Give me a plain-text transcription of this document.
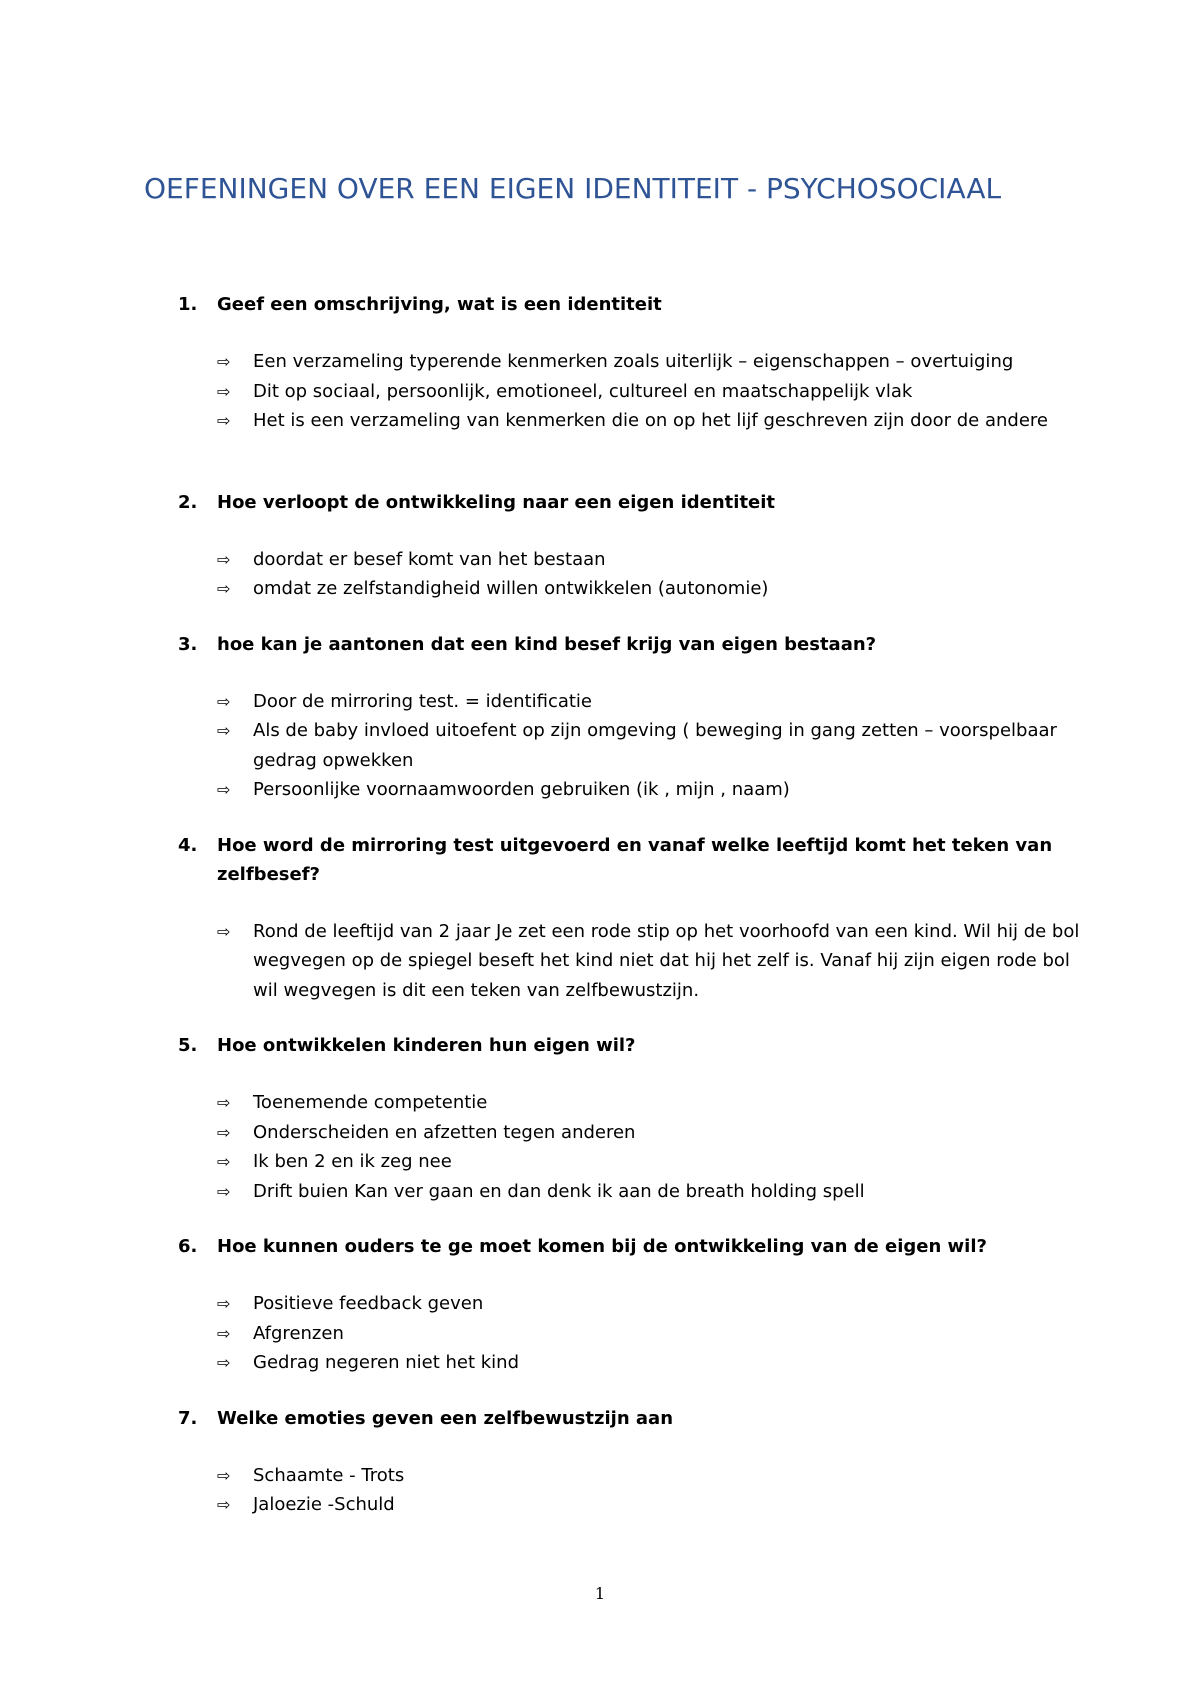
OEFENINGEN OVER EEN EIGEN IDENTITEIT - PSYCHOSOCIAAL

1. Geef een omschrijving, wat is een identiteit

⇨ Een verzameling typerende kenmerken zoals uiterlijk – eigenschappen – overtuiging
⇨ Dit op sociaal, persoonlijk, emotioneel, cultureel en maatschappelijk vlak
⇨ Het is een verzameling van kenmerken die on op het lijf geschreven zijn door de andere

2. Hoe verloopt de ontwikkeling naar een eigen identiteit

⇨ doordat er besef komt van het bestaan
⇨ omdat ze zelfstandigheid willen ontwikkelen (autonomie)

3. hoe kan je aantonen dat een kind besef krijg van eigen bestaan?

⇨ Door de mirroring test. = identificatie
⇨ Als de baby invloed uitoefent op zijn omgeving ( beweging in gang zetten – voorspelbaar gedrag opwekken
⇨ Persoonlijke voornaamwoorden gebruiken (ik , mijn , naam)

4. Hoe word de mirroring test uitgevoerd en vanaf welke leeftijd komt het teken van zelfbesef?

⇨ Rond de leeftijd van 2 jaar Je zet een rode stip op het voorhoofd van een kind. Wil hij de bol wegvegen op de spiegel beseft het kind niet dat hij het zelf is. Vanaf hij zijn eigen rode bol wil wegvegen is dit een teken van zelfbewustzijn.

5. Hoe ontwikkelen kinderen hun eigen wil?

⇨ Toenemende competentie
⇨ Onderscheiden en afzetten tegen anderen
⇨ Ik ben 2 en ik zeg nee
⇨ Drift buien Kan ver gaan en dan denk ik aan de breath holding spell

6. Hoe kunnen ouders te ge moet komen bij de ontwikkeling van de eigen wil?

⇨ Positieve feedback geven
⇨ Afgrenzen
⇨ Gedrag negeren niet het kind

7. Welke emoties geven een zelfbewustzijn aan

⇨ Schaamte - Trots
⇨ Jaloezie -Schuld
1
